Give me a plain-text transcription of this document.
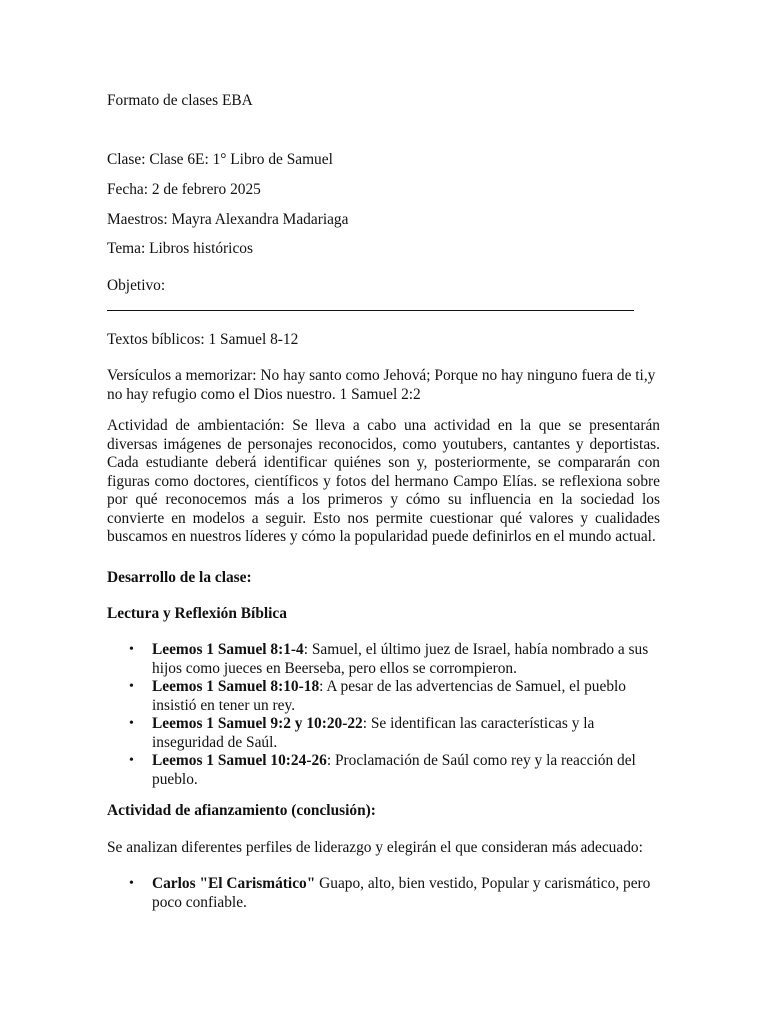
Formato de clases EBA
Clase: Clase 6E: 1° Libro de Samuel
Fecha: 2 de febrero 2025
Maestros: Mayra Alexandra Madariaga
Tema: Libros históricos
Objetivo:
Textos bíblicos: 1 Samuel 8-12
Versículos a memorizar: No hay santo como Jehová; Porque no hay ninguno fuera de ti,y no hay refugio como el Dios nuestro. 1 Samuel 2:2
Actividad de ambientación: Se lleva a cabo una actividad en la que se presentarán diversas imágenes de personajes reconocidos, como youtubers, cantantes y deportistas. Cada estudiante deberá identificar quiénes son y, posteriormente, se compararán con figuras como doctores, científicos y fotos del hermano Campo Elías. se reflexiona sobre por qué reconocemos más a los primeros y cómo su influencia en la sociedad los convierte en modelos a seguir. Esto nos permite cuestionar qué valores y cualidades buscamos en nuestros líderes y cómo la popularidad puede definirlos en el mundo actual.
Desarrollo de la clase:
Lectura y Reflexión Bíblica
• Leemos 1 Samuel 8:1-4: Samuel, el último juez de Israel, había nombrado a sus hijos como jueces en Beerseba, pero ellos se corrompieron.
• Leemos 1 Samuel 8:10-18: A pesar de las advertencias de Samuel, el pueblo insistió en tener un rey.
• Leemos 1 Samuel 9:2 y 10:20-22: Se identifican las características y la inseguridad de Saúl.
• Leemos 1 Samuel 10:24-26: Proclamación de Saúl como rey y la reacción del pueblo.
Actividad de afianzamiento (conclusión):
Se analizan diferentes perfiles de liderazgo y elegirán el que consideran más adecuado:
• Carlos "El Carismático" Guapo, alto, bien vestido, Popular y carismático, pero poco confiable.
